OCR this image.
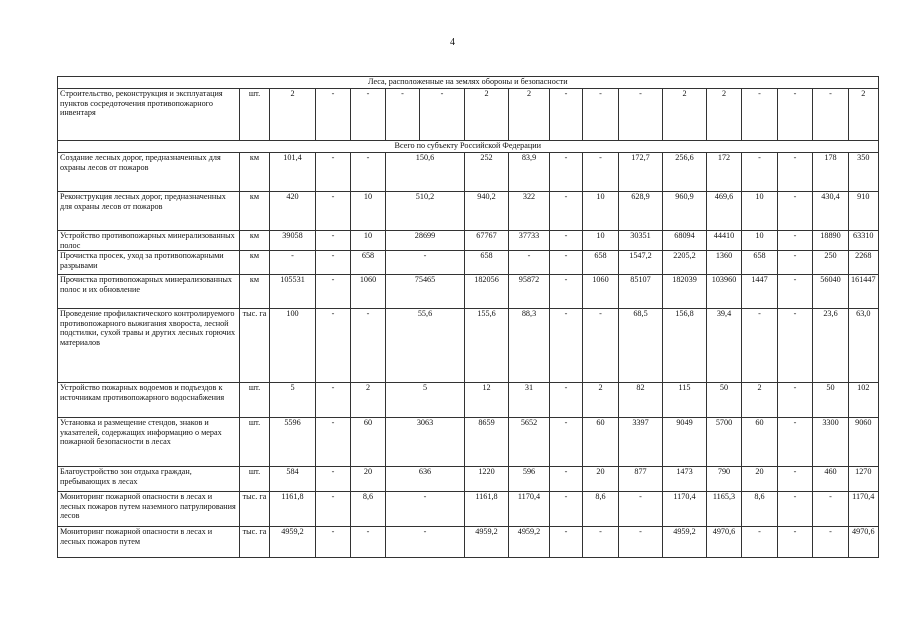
4
Леса, расположенные на землях обороны и безопасности																	
Строительство, реконструкция и эксплуатация пунктов сосредоточения противопожарного инвентаря	шт.	2	-	-	-	-	2	2	-	-	-	2	2	-	-	-	2
Всего по субъекту Российской Федерации																	
Создание лесных дорог, предназначенных для охраны лесов от пожаров	км	101,4	-	-	150,6		252	83,9	-	-	172,7	256,6	172	-	-	178	350
Реконструкция лесных дорог, предназначенных для охраны лесов от пожаров	км	420	-	10	510,2		940,2	322	-	10	628,9	960,9	469,6	10	-	430,4	910
Устройство противопожарных минерализованных полос	км	39058	-	10	28699		67767	37733	-	10	30351	68094	44410	10	-	18890	63310
Прочистка просек, уход за противопожарными разрывами	км	-	-	658	-		658	-	-	658	1547,2	2205,2	1360	658	-	250	2268
Прочистка противопожарных минерализованных полос и их обновление	км	105531	-	1060	75465		182056	95872	-	1060	85107	182039	103960	1447	-	56040	161447
Проведение профилактического контролируемого противопожарного выжигания хвороста, лесной подстилки, сухой травы и других лесных горючих материалов	тыс. га	100	-	-	55,6		155,6	88,3	-	-	68,5	156,8	39,4	-	-	23,6	63,0
Устройство пожарных водоемов и подъездов к источникам противопожарного водоснабжения	шт.	5	-	2	5		12	31	-	2	82	115	50	2	-	50	102
Установка и размещение стендов, знаков и указателей, содержащих информацию о мерах пожарной безопасности в лесах	шт.	5596	-	60	3063		8659	5652	-	60	3397	9049	5700	60	-	3300	9060
Благоустройство зон отдыха граждан, пребывающих в лесах	шт.	584	-	20	636		1220	596	-	20	877	1473	790	20	-	460	1270
Мониторинг пожарной опасности в лесах и лесных пожаров путем наземного патрулирования лесов	тыс. га	1161,8	-	8,6	-		1161,8	1170,4	-	8,6	-	1170,4	1165,3	8,6	-	-	1170,4
Мониторинг пожарной опасности в лесах и лесных пожаров путем	тыс. га	4959,2	-	-	-		4959,2	4959,2	-	-	-	4959,2	4970,6	-	-	-	4970,6
